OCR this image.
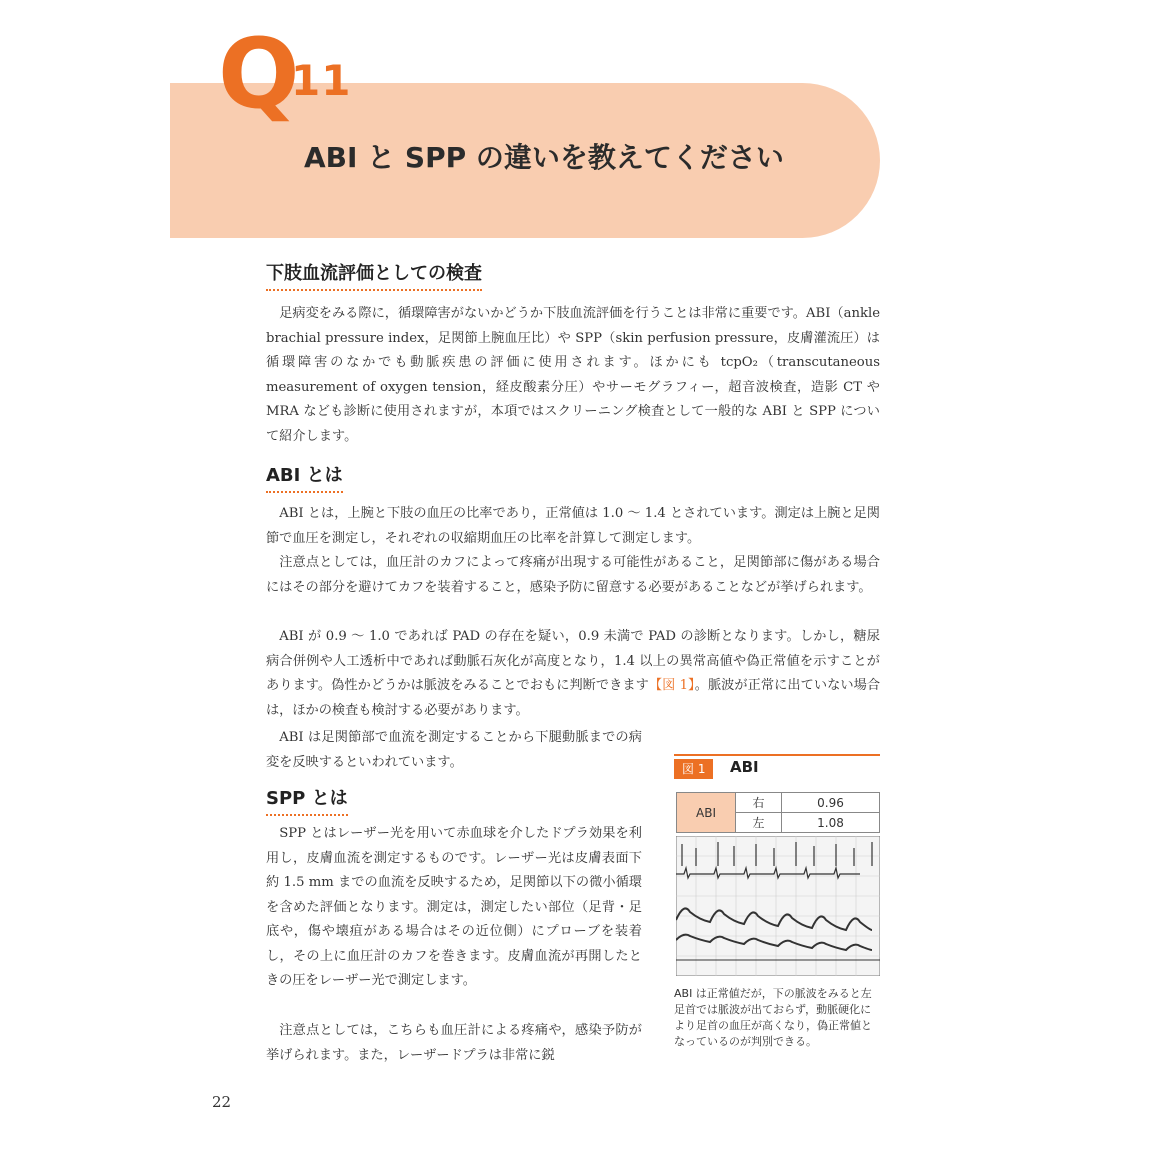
Q
11
ABI と SPP の違いを教えてください
下肢血流評価としての検査

足病変をみる際に，循環障害がないかどうか下肢血流評価を行うことは非常に重要です。ABI（ankle brachial pressure index，足関節上腕血圧比）や SPP（skin perfusion pressure，皮膚灌流圧）は循環障害のなかでも動脈疾患の評価に使用されます。ほかにも tcpO₂（transcutaneous measurement of oxygen tension，経皮酸素分圧）やサーモグラフィー，超音波検査，造影 CT や MRA なども診断に使用されますが，本項ではスクリーニング検査として一般的な ABI と SPP について紹介します。

ABI とは

ABI とは，上腕と下肢の血圧の比率であり，正常値は 1.0 ～ 1.4 とされています。測定は上腕と足関節で血圧を測定し，それぞれの収縮期血圧の比率を計算して測定します。

注意点としては，血圧計のカフによって疼痛が出現する可能性があること，足関節部に傷がある場合にはその部分を避けてカフを装着すること，感染予防に留意する必要があることなどが挙げられます。

ABI が 0.9 ～ 1.0 であれば PAD の存在を疑い，0.9 未満で PAD の診断となります。しかし，糖尿病合併例や人工透析中であれば動脈石灰化が高度となり，1.4 以上の異常高値や偽正常値を示すことがあります。偽性かどうかは脈波をみることでおもに判断できます【図 1】。脈波が正常に出ていない場合は，ほかの検査も検討する必要があります。

ABI は足関節部で血流を測定することから下腿動脈までの病変を反映するといわれています。

SPP とは

SPP とはレーザー光を用いて赤血球を介したドプラ効果を利用し，皮膚血流を測定するものです。レーザー光は皮膚表面下約 1.5 mm までの血流を反映するため，足関節以下の微小循環を含めた評価となります。測定は，測定したい部位（足背・足底や，傷や壊疽がある場合はその近位側）にプローブを装着し，その上に血圧計のカフを巻きます。皮膚血流が再開したときの圧をレーザー光で測定します。

注意点としては，こちらも血圧計による疼痛や，感染予防が挙げられます。また，レーザードプラは非常に鋭

図 1	ABI
ABI	右	0.96
	左	1.08

ABI は正常値だが，下の脈波をみると左足首では脈波が出ておらず，動脈硬化により足首の血圧が高くなり，偽正常値となっているのが判別できる。

22
